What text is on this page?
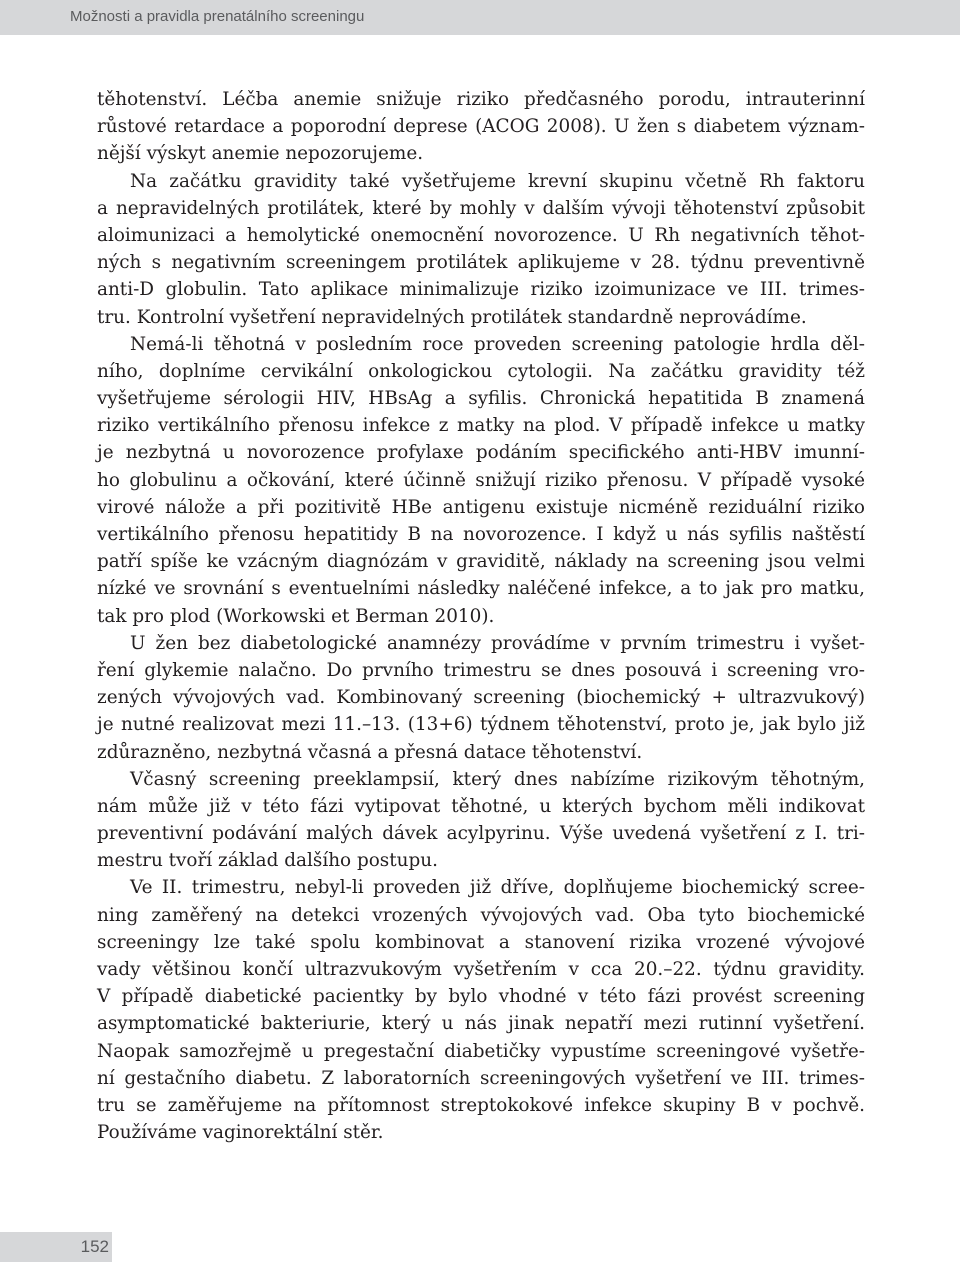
Možnosti a pravidla prenatálního screeningu
těhotenství. Léčba anemie snižuje riziko předčasného porodu, intrauterinní
růstové retardace a poporodní deprese (ACOG 2008). U žen s diabetem význam-
nější výskyt anemie nepozorujeme.
Na začátku gravidity také vyšetřujeme krevní skupinu včetně Rh faktoru
a nepravidelných protilátek, které by mohly v dalším vývoji těhotenství způsobit
aloimunizaci a hemolytické onemocnění novorozence. U Rh negativních těhot-
ných s negativním screeningem protilátek aplikujeme v 28. týdnu preventivně
anti-D globulin. Tato aplikace minimalizuje riziko izoimunizace ve III. trimes-
tru. Kontrolní vyšetření nepravidelných protilátek standardně neprovádíme.
Nemá-li těhotná v posledním roce proveden screening patologie hrdla děl-
ního, doplníme cervikální onkologickou cytologii. Na začátku gravidity též
vyšetřujeme sérologii HIV, HBsAg a syfilis. Chronická hepatitida B znamená
riziko vertikálního přenosu infekce z matky na plod. V případě infekce u matky
je nezbytná u novorozence profylaxe podáním specifického anti-HBV imunní-
ho globulinu a očkování, které účinně snižují riziko přenosu. V případě vysoké
virové nálože a při pozitivitě HBe antigenu existuje nicméně reziduální riziko
vertikálního přenosu hepatitidy B na novorozence. I když u nás syfilis naštěstí
patří spíše ke vzácným diagnózám v graviditě, náklady na screening jsou velmi
nízké ve srovnání s eventuelními následky naléčené infekce, a to jak pro matku,
tak pro plod (Workowski et Berman 2010).
U žen bez diabetologické anamnézy provádíme v prvním trimestru i vyšet-
ření glykemie nalačno. Do prvního trimestru se dnes posouvá i screening vro-
zených vývojových vad. Kombinovaný screening (biochemický + ultrazvukový)
je nutné realizovat mezi 11.–13. (13+6) týdnem těhotenství, proto je, jak bylo již
zdůrazněno, nezbytná včasná a přesná datace těhotenství.
Včasný screening preeklampsií, který dnes nabízíme rizikovým těhotným,
nám může již v této fázi vytipovat těhotné, u kterých bychom měli indikovat
preventivní podávání malých dávek acylpyrinu. Výše uvedená vyšetření z I. tri-
mestru tvoří základ dalšího postupu.
Ve II. trimestru, nebyl-li proveden již dříve, doplňujeme biochemický scree-
ning zaměřený na detekci vrozených vývojových vad. Oba tyto biochemické
screeningy lze také spolu kombinovat a stanovení rizika vrozené vývojové
vady většinou končí ultrazvukovým vyšetřením v cca 20.–22. týdnu gravidity.
V případě diabetické pacientky by bylo vhodné v této fázi provést screening
asymptomatické bakteriurie, který u nás jinak nepatří mezi rutinní vyšetření.
Naopak samozřejmě u pregestační diabetičky vypustíme screeningové vyšetře-
ní gestačního diabetu. Z laboratorních screeningových vyšetření ve III. trimes-
tru se zaměřujeme na přítomnost streptokokové infekce skupiny B v pochvě.
Používáme vaginorektální stěr.
152
